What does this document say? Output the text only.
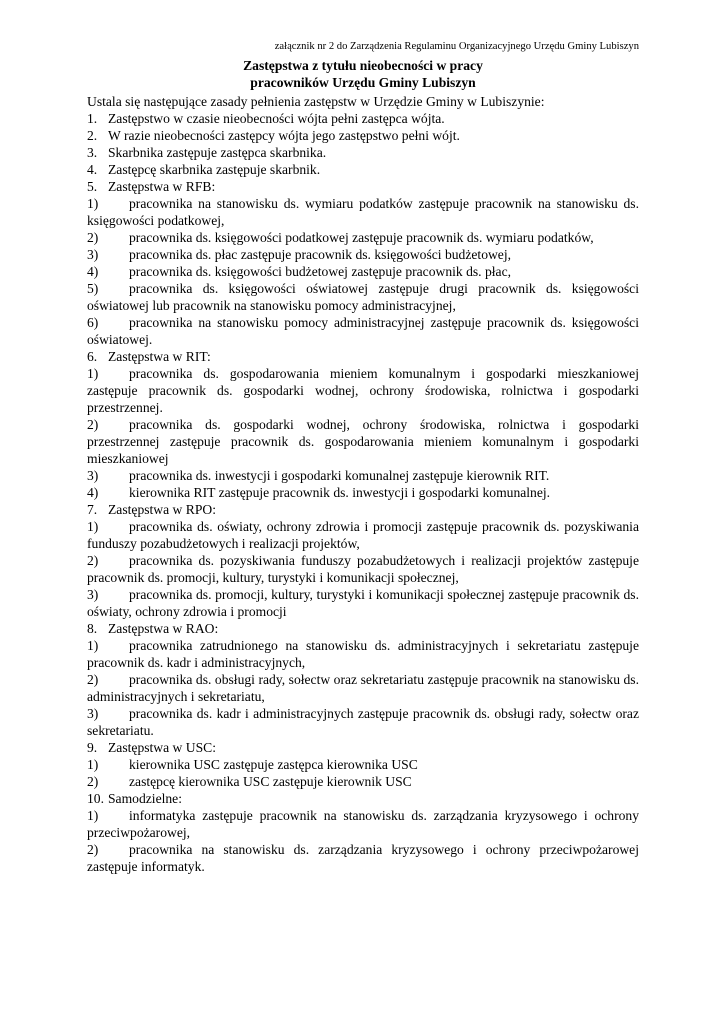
załącznik nr 2 do Zarządzenia Regulaminu Organizacyjnego Urzędu Gminy Lubiszyn

Zastępstwa z tytułu nieobecności w pracy

pracowników Urzędu Gminy Lubiszyn

Ustala się następujące zasady pełnienia zastępstw w Urzędzie Gminy w Lubiszynie:

1. Zastępstwo w czasie nieobecności wójta pełni zastępca wójta.
2. W razie nieobecności zastępcy wójta jego zastępstwo pełni wójt.
3. Skarbnika zastępuje zastępca skarbnika.
4. Zastępcę skarbnika zastępuje skarbnik.
5. Zastępstwa w RFB:

1) pracownika na stanowisku ds. wymiaru podatków zastępuje pracownik na stanowisku ds. księgowości podatkowej,

2) pracownika ds. księgowości podatkowej zastępuje pracownik ds. wymiaru podatków,

3) pracownika ds. płac zastępuje pracownik ds. księgowości budżetowej,

4) pracownika ds. księgowości budżetowej zastępuje pracownik ds. płac,

5) pracownika ds. księgowości oświatowej zastępuje drugi pracownik ds. księgowości oświatowej lub pracownik na stanowisku pomocy administracyjnej,

6) pracownika na stanowisku pomocy administracyjnej zastępuje pracownik ds. księgowości oświatowej.

6. Zastępstwa w RIT:

1) pracownika ds. gospodarowania mieniem komunalnym i gospodarki mieszkaniowej zastępuje pracownik ds. gospodarki wodnej, ochrony środowiska, rolnictwa i gospodarki przestrzennej.

2) pracownika ds. gospodarki wodnej, ochrony środowiska, rolnictwa i gospodarki przestrzennej zastępuje pracownik ds. gospodarowania mieniem komunalnym i gospodarki mieszkaniowej

3) pracownika ds. inwestycji i gospodarki komunalnej zastępuje kierownik RIT.

4) kierownika RIT zastępuje pracownik ds. inwestycji i gospodarki komunalnej.

7. Zastępstwa w RPO:

1) pracownika ds. oświaty, ochrony zdrowia i promocji zastępuje pracownik ds. pozyskiwania funduszy pozabudżetowych i realizacji projektów,

2) pracownika ds. pozyskiwania funduszy pozabudżetowych i realizacji projektów zastępuje pracownik ds. promocji, kultury, turystyki i komunikacji społecznej,

3) pracownika ds. promocji, kultury, turystyki i komunikacji społecznej zastępuje pracownik ds. oświaty, ochrony zdrowia i promocji

8. Zastępstwa w RAO:

1) pracownika zatrudnionego na stanowisku ds. administracyjnych i sekretariatu zastępuje pracownik ds. kadr i administracyjnych,

2) pracownika ds. obsługi rady, sołectw oraz sekretariatu zastępuje pracownik na stanowisku ds. administracyjnych i sekretariatu,

3) pracownika ds. kadr i administracyjnych zastępuje pracownik ds. obsługi rady, sołectw oraz sekretariatu.

9. Zastępstwa w USC:

1) kierownika USC zastępuje zastępca kierownika USC

2) zastępcę kierownika USC zastępuje kierownik USC

10. Samodzielne:

1) informatyka zastępuje pracownik na stanowisku ds. zarządzania kryzysowego i ochrony przeciwpożarowej,

2) pracownika na stanowisku ds. zarządzania kryzysowego i ochrony przeciwpożarowej zastępuje informatyk.
